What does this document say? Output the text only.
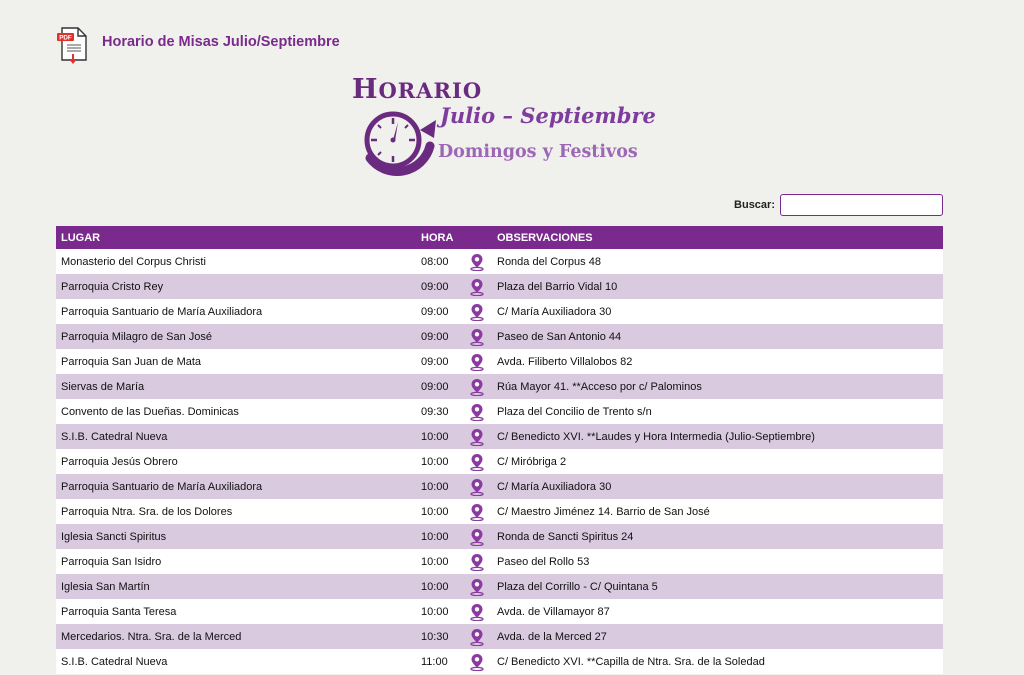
PDF Horario de Misas Julio/Septiembre
HORARIO
Julio – Septiembre
Domingos y Festivos
Buscar:
LUGAR	HORA		OBSERVACIONES
Monasterio del Corpus Christi	08:00		Ronda del Corpus 48
Parroquia Cristo Rey	09:00		Plaza del Barrio Vidal 10
Parroquia Santuario de María Auxiliadora	09:00		C/ María Auxiliadora 30
Parroquia Milagro de San José	09:00		Paseo de San Antonio 44
Parroquia San Juan de Mata	09:00		Avda. Filiberto Villalobos 82
Siervas de María	09:00		Rúa Mayor 41. **Acceso por c/ Palominos
Convento de las Dueñas. Dominicas	09:30		Plaza del Concilio de Trento s/n
S.I.B. Catedral Nueva	10:00		C/ Benedicto XVI. **Laudes y Hora Intermedia (Julio-Septiembre)
Parroquia Jesús Obrero	10:00		C/ Miróbriga 2
Parroquia Santuario de María Auxiliadora	10:00		C/ María Auxiliadora 30
Parroquia Ntra. Sra. de los Dolores	10:00		C/ Maestro Jiménez 14. Barrio de San José
Iglesia Sancti Spiritus	10:00		Ronda de Sancti Spiritus 24
Parroquia San Isidro	10:00		Paseo del Rollo 53
Iglesia San Martín	10:00		Plaza del Corrillo - C/ Quintana 5
Parroquia Santa Teresa	10:00		Avda. de Villamayor 87
Mercedarios. Ntra. Sra. de la Merced	10:30		Avda. de la Merced 27
S.I.B. Catedral Nueva	11:00		C/ Benedicto XVI. **Capilla de Ntra. Sra. de la Soledad
